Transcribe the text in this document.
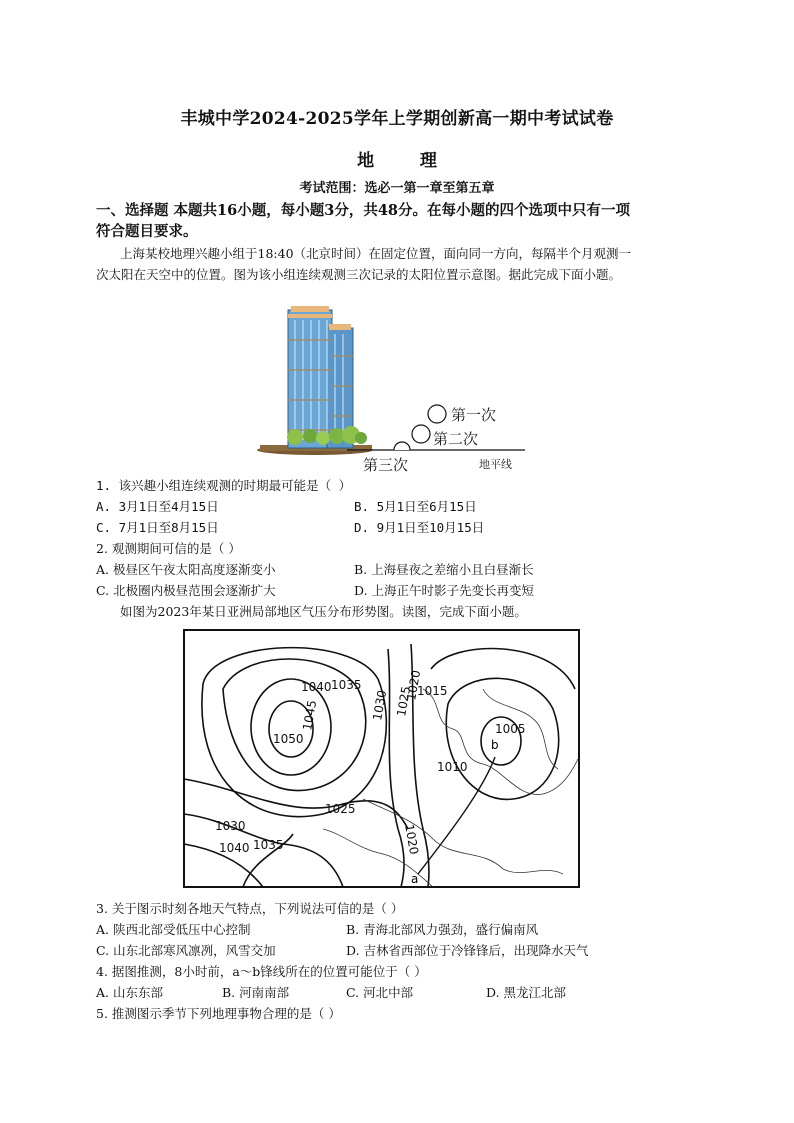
丰城中学2024-2025学年上学期创新高一期中考试试卷
地	理
考试范围：选必一第一章至第五章
一、选择题 本题共16小题，每小题3分，共48分。在每小题的四个选项中只有一项
符合题目要求。
上海某校地理兴趣小组于18:40（北京时间）在固定位置，面向同一方向，每隔半个月观测一
次太阳在天空中的位置。图为该小组连续观测三次记录的太阳位置示意图。据此完成下面小题。
第一次
第二次
第三次	地平线
1. 该兴趣小组连续观测的时期最可能是（ ）
A. 3月1日至4月15日	B. 5月1日至6月15日
C. 7月1日至8月15日	D. 9月1日至10月15日
2. 观测期间可信的是（ ）
A. 极昼区午夜太阳高度逐渐变小	B. 上海昼夜之差缩小且白昼渐长
C. 北极圈内极昼范围会逐渐扩大	D. 上海正午时影子先变长再变短
如图为2023年某日亚洲局部地区气压分布形势图。读图，完成下面小题。
b
a
1040 1035
1045
1050
1030 1025
1020
1015
1005
1010
1025
1030
1040 1035	1020
3. 关于图示时刻各地天气特点，下列说法可信的是（ ）
A. 陕西北部受低压中心控制	B. 青海北部风力强劲，盛行偏南风
C. 山东北部寒风凛冽，风雪交加	D. 吉林省西部位于冷锋锋后，出现降水天气
4. 据图推测，8小时前，a～b锋线所在的位置可能位于（ ）
A. 山东东部	B. 河南南部	C. 河北中部	D. 黑龙江北部
5. 推测图示季节下列地理事物合理的是（ ）
